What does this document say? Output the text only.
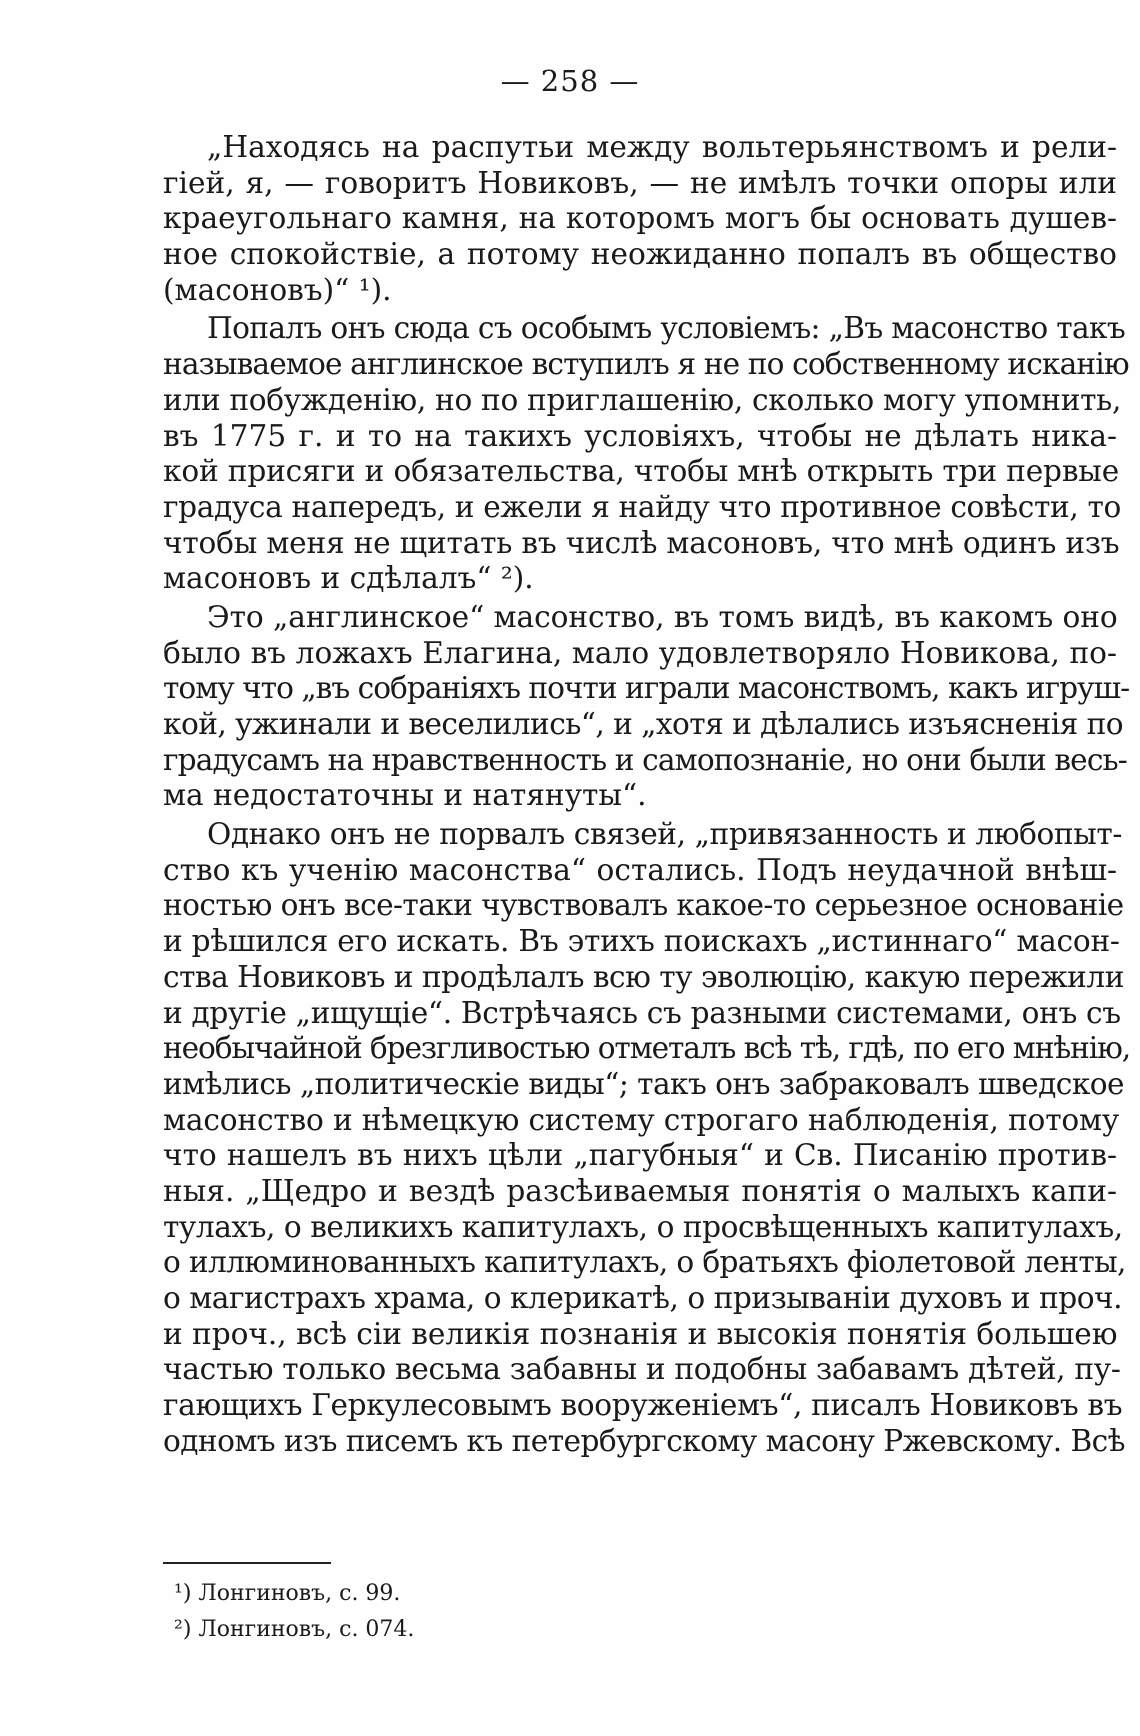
— 258 —
„Находясь на распутьи между вольтерьянствомъ и рели-
гіей, я, — говоритъ Новиковъ, — не имѣлъ точки опоры или
краеугольнаго камня, на которомъ могъ бы основать душев-
ное спокойствіе, а потому неожиданно попалъ въ общество
(масоновъ)“ ¹).
Попалъ онъ сюда съ особымъ условіемъ: „Въ масонство такъ
называемое англинское вступилъ я не по собственному исканію
или побужденію, но по приглашенію, сколько могу упомнить,
въ 1775 г. и то на такихъ условіяхъ, чтобы не дѣлать ника-
кой присяги и обязательства, чтобы мнѣ открыть три первые
градуса напередъ, и ежели я найду что противное совѣсти, то
чтобы меня не щитать въ числѣ масоновъ, что мнѣ одинъ изъ
масоновъ и сдѣлалъ“ ²).
Это „англинское“ масонство, въ томъ видѣ, въ какомъ оно
было въ ложахъ Елагина, мало удовлетворяло Новикова, по-
тому что „въ собраніяхъ почти играли масонствомъ, какъ игруш-
кой, ужинали и веселились“, и „хотя и дѣлались изъясненія по
градусамъ на нравственность и самопознаніе, но они были весь-
ма недостаточны и натянуты“.
Однако онъ не порвалъ связей, „привязанность и любопыт-
ство къ ученію масонства“ остались. Подъ неудачной внѣш-
ностью онъ все-таки чувствовалъ какое-то серьезное основаніе
и рѣшился его искать. Въ этихъ поискахъ „истиннаго“ масон-
ства Новиковъ и продѣлалъ всю ту эволюцію, какую пережили
и другіе „ищущіе“. Встрѣчаясь съ разными системами, онъ съ
необычайной брезгливостью отметалъ всѣ тѣ, гдѣ, по его мнѣнію,
имѣлись „политическіе виды“; такъ онъ забраковалъ шведское
масонство и нѣмецкую систему строгаго наблюденія, потому
что нашелъ въ нихъ цѣли „пагубныя“ и Св. Писанію против-
ныя. „Щедро и вездѣ разсѣиваемыя понятія о малыхъ капи-
тулахъ, о великихъ капитулахъ, о просвѣщенныхъ капитулахъ,
о иллюминованныхъ капитулахъ, о братьяхъ фіолетовой ленты,
о магистрахъ храма, о клерикатѣ, о призываніи духовъ и проч.
и проч., всѣ сіи великія познанія и высокія понятія большею
частью только весьма забавны и подобны забавамъ дѣтей, пу-
гающихъ Геркулесовымъ вооруженіемъ“, писалъ Новиковъ въ
одномъ изъ писемъ къ петербургскому масону Ржевскому. Всѣ
¹) Лонгиновъ, с. 99.
²) Лонгиновъ, с. 074.
